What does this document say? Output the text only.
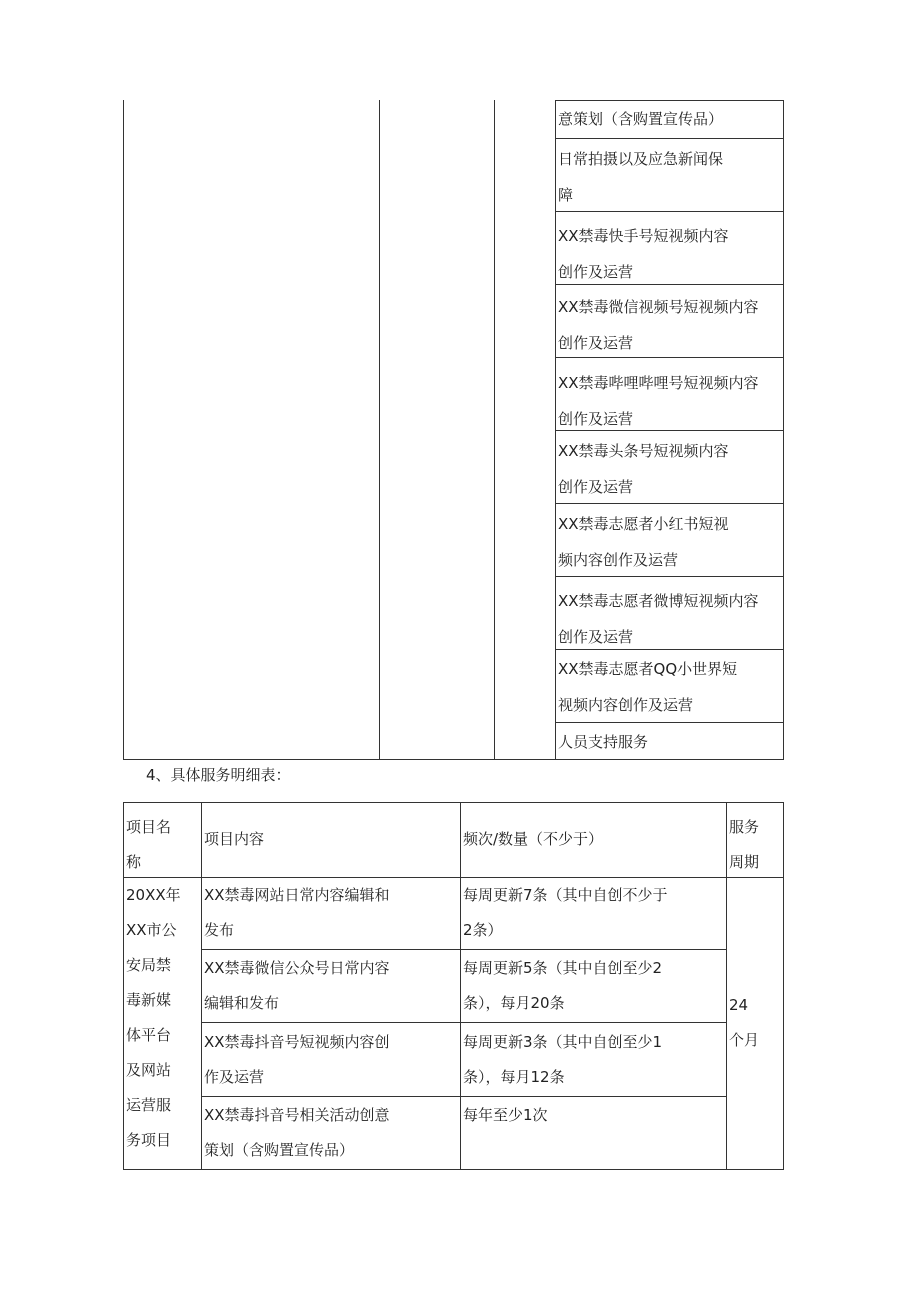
意策划（含购置宣传品）
日常拍摄以及应急新闻保
障
XX禁毒快手号短视频内容
创作及运营
XX禁毒微信视频号短视频内容
创作及运营
XX禁毒哔哩哔哩号短视频内容
创作及运营
XX禁毒头条号短视频内容
创作及运营
XX禁毒志愿者小红书短视
频内容创作及运营
XX禁毒志愿者微博短视频内容
创作及运营
XX禁毒志愿者QQ小世界短
视频内容创作及运营
人员支持服务
4、具体服务明细表：
项目名
称
项目内容	频次/数量（不少于）
服务
周期
20XX年
XX市公
安局禁
毒新媒
体平台
及网站
运营服
务项目
XX禁毒网站日常内容编辑和
发布
每周更新7条（其中自创不少于
2条）
XX禁毒微信公众号日常内容
编辑和发布
每周更新5条（其中自创至少2
条），每月20条
XX禁毒抖音号短视频内容创
作及运营
每周更新3条（其中自创至少1
条），每月12条
XX禁毒抖音号相关活动创意
策划（含购置宣传品）
每年至少1次
24
个月
